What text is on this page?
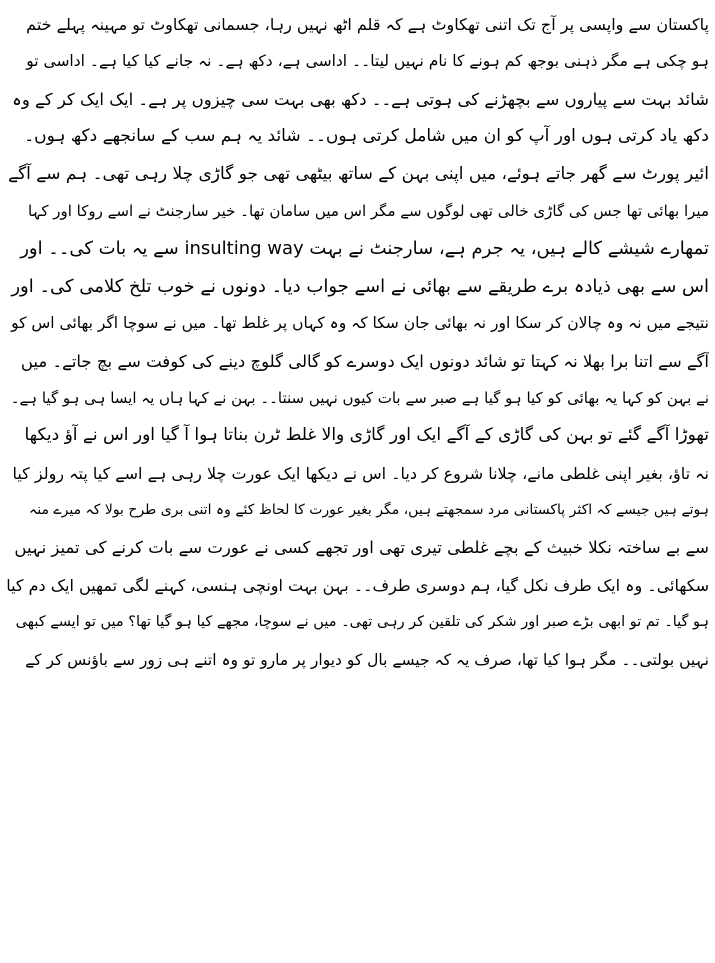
پاکستان سے واپسی پر آج تک اتنی تھکاوٹ ہے کہ قلم اٹھ نہیں رہا، جسمانی تھکاوٹ تو مہینہ پہلے ختم
ہو چکی ہے مگر ذہنی بوجھ کم ہونے کا نام نہیں لیتا۔۔ اداسی ہے، دکھ ہے۔ نہ جانے کیا کیا ہے۔ اداسی تو
شائد بہت سے پیاروں سے بچھڑنے کی ہوتی ہے۔۔ دکھ بھی بہت سی چیزوں پر ہے۔ ایک ایک کر کے وہ
دکھ یاد کرتی ہوں اور آپ کو ان میں شامل کرتی ہوں۔۔ شائد یہ ہم سب کے سانجھے دکھ ہوں۔
ائیر پورٹ سے گھر جاتے ہوئے، میں اپنی بہن کے ساتھ بیٹھی تھی جو گاڑی چلا رہی تھی۔ ہم سے آگے
میرا بھائی تھا جس کی گاڑی خالی تھی لوگوں سے مگر اس میں سامان تھا۔ خیر سارجنٹ نے اسے روکا اور کہا
تمھارے شیشے کالے ہیں، یہ جرم ہے، سارجنٹ نے بہت insulting way سے یہ بات کی۔۔ اور
اس سے بھی ذیادہ برے طریقے سے بھائی نے اسے جواب دیا۔ دونوں نے خوب تلخ کلامی کی۔ اور
نتیجے میں نہ وہ چالان کر سکا اور نہ بھائی جان سکا کہ وہ کہاں پر غلط تھا۔ میں نے سوچا اگر بھائی اس کو
آگے سے اتنا برا بھلا نہ کہتا تو شائد دونوں ایک دوسرے کو گالی گلوچ دینے کی کوفت سے بچ جاتے۔ میں
نے بہن کو کہا یہ بھائی کو کیا ہو گیا ہے صبر سے بات کیوں نہیں سنتا۔۔ بہن نے کہا ہاں یہ ایسا ہی ہو گیا ہے۔
تھوڑا آگے گئے تو بہن کی گاڑی کے آگے ایک اور گاڑی والا غلط ٹرن بناتا ہوا آ گیا اور اس نے آؤ دیکھا
نہ تاؤ، بغیر اپنی غلطی مانے، چلانا شروع کر دیا۔ اس نے دیکھا ایک عورت چلا رہی ہے اسے کیا پتہ رولز کیا
ہوتے ہیں جیسے کہ اکثر پاکستانی مرد سمجھتے ہیں، مگر بغیر عورت کا لحاظ کئے وہ اتنی بری طرح بولا کہ میرے منہ
سے بے ساختہ نکلا خبیث کے بچے غلطی تیری تھی اور تجھے کسی نے عورت سے بات کرنے کی تمیز نہیں
سکھائی۔ وہ ایک طرف نکل گیا، ہم دوسری طرف۔۔ بہن بہت اونچی ہنسی، کہنے لگی تمھیں ایک دم کیا
ہو گیا۔ تم تو ابھی بڑے صبر اور شکر کی تلقین کر رہی تھی۔ میں نے سوچا، مجھے کیا ہو گیا تھا؟ میں تو ایسے کبھی
نہیں بولتی۔۔ مگر ہوا کیا تھا، صرف یہ کہ جیسے بال کو دیوار پر مارو تو وہ اتنے ہی زور سے باؤنس کر کے
